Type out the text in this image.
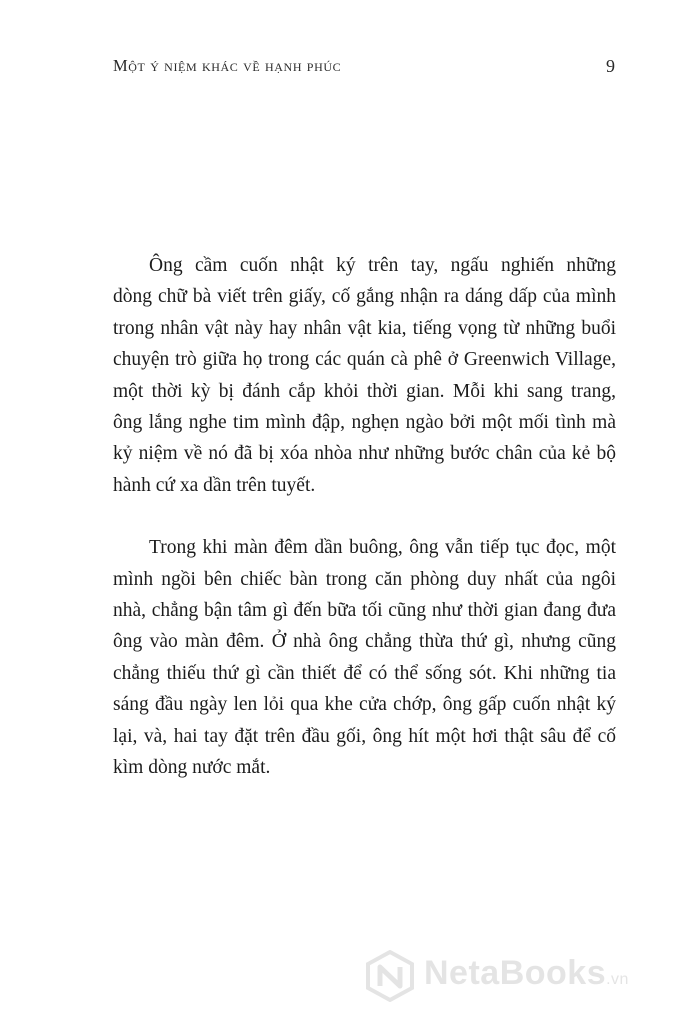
Một ý niệm khác về hạnh phúc	9

Ông cầm cuốn nhật ký trên tay, ngấu nghiến những
dòng chữ bà viết trên giấy, cố gắng nhận ra dáng dấp của mình
trong nhân vật này hay nhân vật kia, tiếng vọng từ những buổi
chuyện trò giữa họ trong các quán cà phê ở Greenwich Village,
một thời kỳ bị đánh cắp khỏi thời gian. Mỗi khi sang trang,
ông lắng nghe tim mình đập, nghẹn ngào bởi một mối tình mà
kỷ niệm về nó đã bị xóa nhòa như những bước chân của kẻ bộ
hành cứ xa dần trên tuyết.

Trong khi màn đêm dần buông, ông vẫn tiếp tục đọc, một
mình ngồi bên chiếc bàn trong căn phòng duy nhất của ngôi
nhà, chẳng bận tâm gì đến bữa tối cũng như thời gian đang đưa
ông vào màn đêm. Ở nhà ông chẳng thừa thứ gì, nhưng cũng
chẳng thiếu thứ gì cần thiết để có thể sống sót. Khi những tia
sáng đầu ngày len lỏi qua khe cửa chớp, ông gấp cuốn nhật ký
lại, và, hai tay đặt trên đầu gối, ông hít một hơi thật sâu để cố
kìm dòng nước mắt.

NetaBooks.vn
